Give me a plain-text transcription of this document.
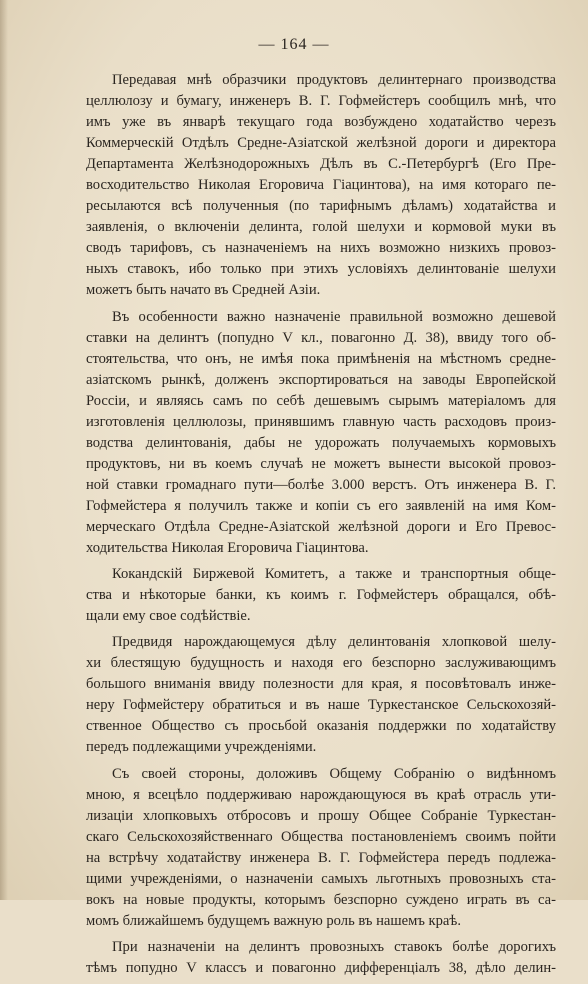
— 164 —
Передавая мнѣ образчики продуктовъ делинтернаго производства
целлюлозу и бумагу, инженеръ В. Г. Гофмейстеръ сообщилъ мнѣ, что
имъ уже въ январѣ текущаго года возбуждено ходатайство черезъ
Коммерческій Отдѣлъ Средне-Азіатской желѣзной дороги и директора
Департамента Желѣзнодорожныхъ Дѣлъ въ С.-Петербургѣ (Его Пре-
восходительство Николая Егоровича Гіацинтова), на имя котораго пе-
ресылаются всѣ полученныя (по тарифнымъ дѣламъ) ходатайства и
заявленія, о включеніи делинта, голой шелухи и кормовой муки въ
сводъ тарифовъ, съ назначеніемъ на нихъ возможно низкихъ провоз-
ныхъ ставокъ, ибо только при этихъ условіяхъ делинтованіе шелухи
можетъ быть начато въ Средней Азіи.
Въ особенности важно назначеніе правильной возможно дешевой
ставки на делинтъ (попудно V кл., повагонно Д. 38), ввиду того об-
стоятельства, что онъ, не имѣя пока примѣненія на мѣстномъ средне-
азіатскомъ рынкѣ, долженъ экспортироваться на заводы Европейской
Россіи, и являясь самъ по себѣ дешевымъ сырымъ матеріаломъ для
изготовленія целлюлозы, принявшимъ главную часть расходовъ произ-
водства делинтованія, дабы не удорожать получаемыхъ кормовыхъ
продуктовъ, ни въ коемъ случаѣ не можетъ вынести высокой провоз-
ной ставки громаднаго пути—болѣе 3.000 верстъ. Отъ инженера В. Г.
Гофмейстера я получилъ также и копіи съ его заявленій на имя Ком-
мерческаго Отдѣла Средне-Азіатской желѣзной дороги и Его Превос-
ходительства Николая Егоровича Гіацинтова.
Кокандскій Биржевой Комитетъ, а также и транспортныя обще-
ства и нѣкоторые банки, къ коимъ г. Гофмейстеръ обращался, обѣ-
щали ему свое содѣйствіе.
Предвидя нарождающемуся дѣлу делинтованія хлопковой шелу-
хи блестящую будущность и находя его безспорно заслуживающимъ
большого вниманія ввиду полезности для края, я посовѣтовалъ инже-
неру Гофмейстеру обратиться и въ наше Туркестанское Сельскохозяй-
ственное Общество съ просьбой оказанія поддержки по ходатайству
передъ подлежащими учрежденіями.
Съ своей стороны, доложивъ Общему Собранію о видѣнномъ
мною, я всецѣло поддерживаю нарождающуюся въ краѣ отрасль ути-
лизаціи хлопковыхъ отбросовъ и прошу Общее Собраніе Туркестан-
скаго Сельскохозяйственнаго Общества постановленіемъ своимъ пойти
на встрѣчу ходатайству инженера В. Г. Гофмейстера передъ подлежа-
щими учрежденіями, о назначеніи самыхъ льготныхъ провозныхъ ста-
вокъ на новые продукты, которымъ безспорно суждено играть въ са-
момъ ближайшемъ будущемъ важную роль въ нашемъ краѣ.
При назначеніи на делинтъ провозныхъ ставокъ болѣе дорогихъ
тѣмъ попудно V классъ и повагонно дифференціалъ 38, дѣло делин-
